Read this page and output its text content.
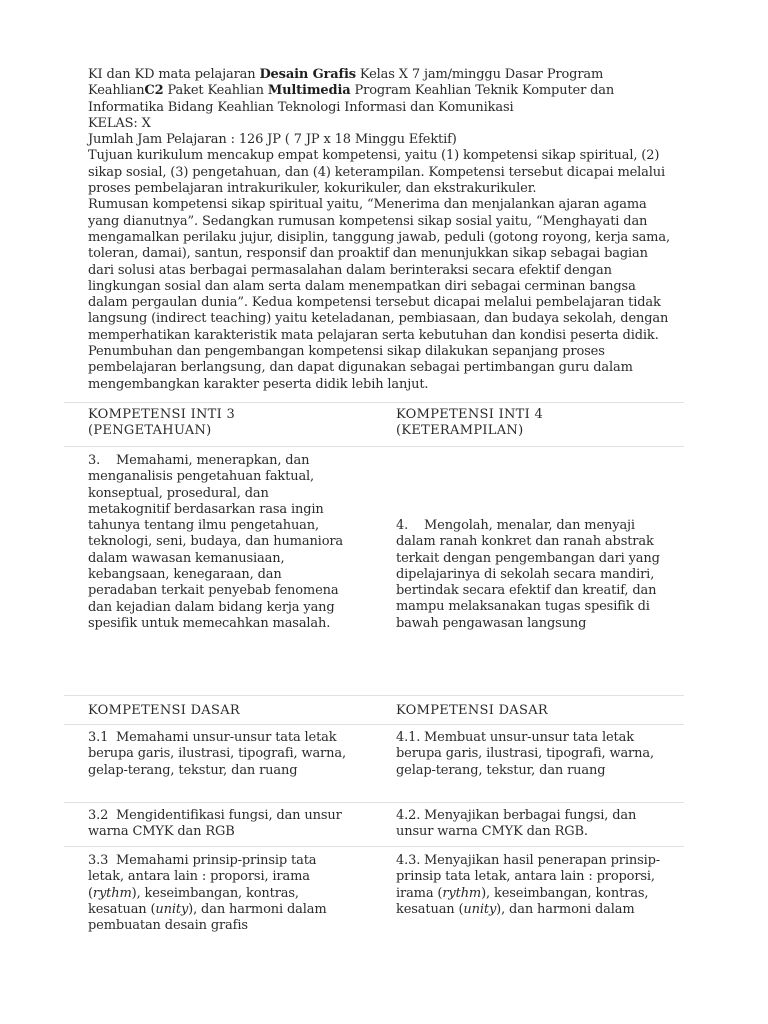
KI dan KD mata pelajaran Desain Grafis Kelas X 7 jam/minggu Dasar Program KeahlianC2 Paket Keahlian Multimedia Program Keahlian Teknik Komputer dan Informatika Bidang Keahlian Teknologi Informasi dan Komunikasi

KELAS: X

Jumlah Jam Pelajaran : 126 JP ( 7 JP x 18 Minggu Efektif)

Tujuan kurikulum mencakup empat kompetensi, yaitu (1) kompetensi sikap spiritual, (2) sikap sosial, (3) pengetahuan, dan (4) keterampilan. Kompetensi tersebut dicapai melalui proses pembelajaran intrakurikuler, kokurikuler, dan ekstrakurikuler.

Rumusan kompetensi sikap spiritual yaitu, “Menerima dan menjalankan ajaran agama yang dianutnya”. Sedangkan rumusan kompetensi sikap sosial yaitu, “Menghayati dan mengamalkan perilaku jujur, disiplin, tanggung jawab, peduli (gotong royong, kerja sama, toleran, damai), santun, responsif dan proaktif dan menunjukkan sikap sebagai bagian dari solusi atas berbagai permasalahan dalam berinteraksi secara efektif dengan lingkungan sosial dan alam serta dalam menempatkan diri sebagai cerminan bangsa dalam pergaulan dunia”. Kedua kompetensi tersebut dicapai melalui pembelajaran tidak langsung (indirect teaching) yaitu keteladanan, pembiasaan, dan budaya sekolah, dengan memperhatikan karakteristik mata pelajaran serta kebutuhan dan kondisi peserta didik.

Penumbuhan dan pengembangan kompetensi sikap dilakukan sepanjang proses pembelajaran berlangsung, dan dapat digunakan sebagai pertimbangan guru dalam mengembangkan karakter peserta didik lebih lanjut.

KOMPETENSI INTI 3
(PENGETAHUAN)
KOMPETENSI INTI 4
(KETERAMPILAN)
3. Memahami, menerapkan, dan menganalisis pengetahuan faktual, konseptual, prosedural, dan metakognitif berdasarkan rasa ingin tahunya tentang ilmu pengetahuan, teknologi, seni, budaya, dan humaniora dalam wawasan kemanusiaan, kebangsaan, kenegaraan, dan peradaban terkait penyebab fenomena dan kejadian dalam bidang kerja yang spesifik untuk memecahkan masalah.
4. Mengolah, menalar, dan menyaji dalam ranah konkret dan ranah abstrak terkait dengan pengembangan dari yang dipelajarinya di sekolah secara mandiri, bertindak secara efektif dan kreatif, dan mampu melaksanakan tugas spesifik di bawah pengawasan langsung
KOMPETENSI DASAR	KOMPETENSI DASAR
3.1 Memahami unsur-unsur tata letak berupa garis, ilustrasi, tipografi, warna, gelap-terang, tekstur, dan ruang
4.1. Membuat unsur-unsur tata letak berupa garis, ilustrasi, tipografi, warna, gelap-terang, tekstur, dan ruang
3.2 Mengidentifikasi fungsi, dan unsur warna CMYK dan RGB
4.2. Menyajikan berbagai fungsi, dan unsur warna CMYK dan RGB.
3.3 Memahami prinsip-prinsip tata letak, antara lain : proporsi, irama (rythm), keseimbangan, kontras, kesatuan (unity), dan harmoni dalam pembuatan desain grafis
4.3. Menyajikan hasil penerapan prinsip-prinsip tata letak, antara lain : proporsi, irama (rythm), keseimbangan, kontras, kesatuan (unity), dan harmoni dalam
